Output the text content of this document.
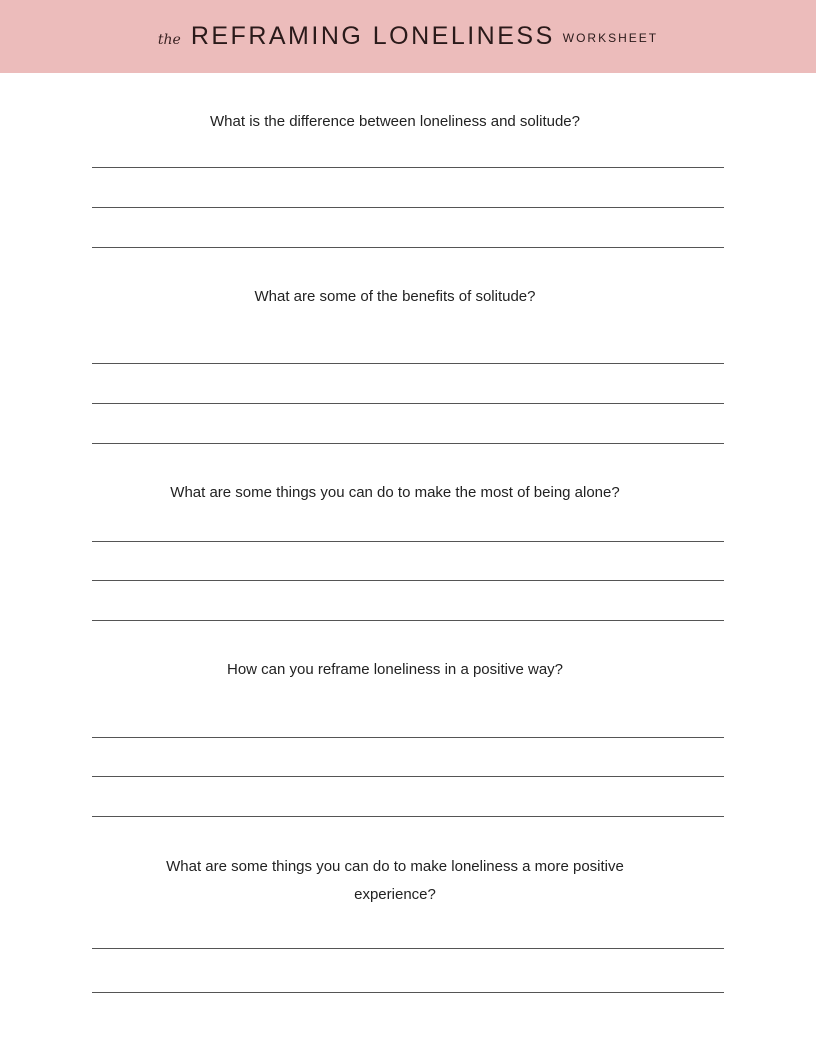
the REFRAMING LONELINESS WORKSHEET
What is the difference between loneliness and solitude?
What are some of the benefits of solitude?
What are some things you can do to make the most of being alone?
How can you reframe loneliness in a positive way?
What are some things you can do to make loneliness a more positive experience?
